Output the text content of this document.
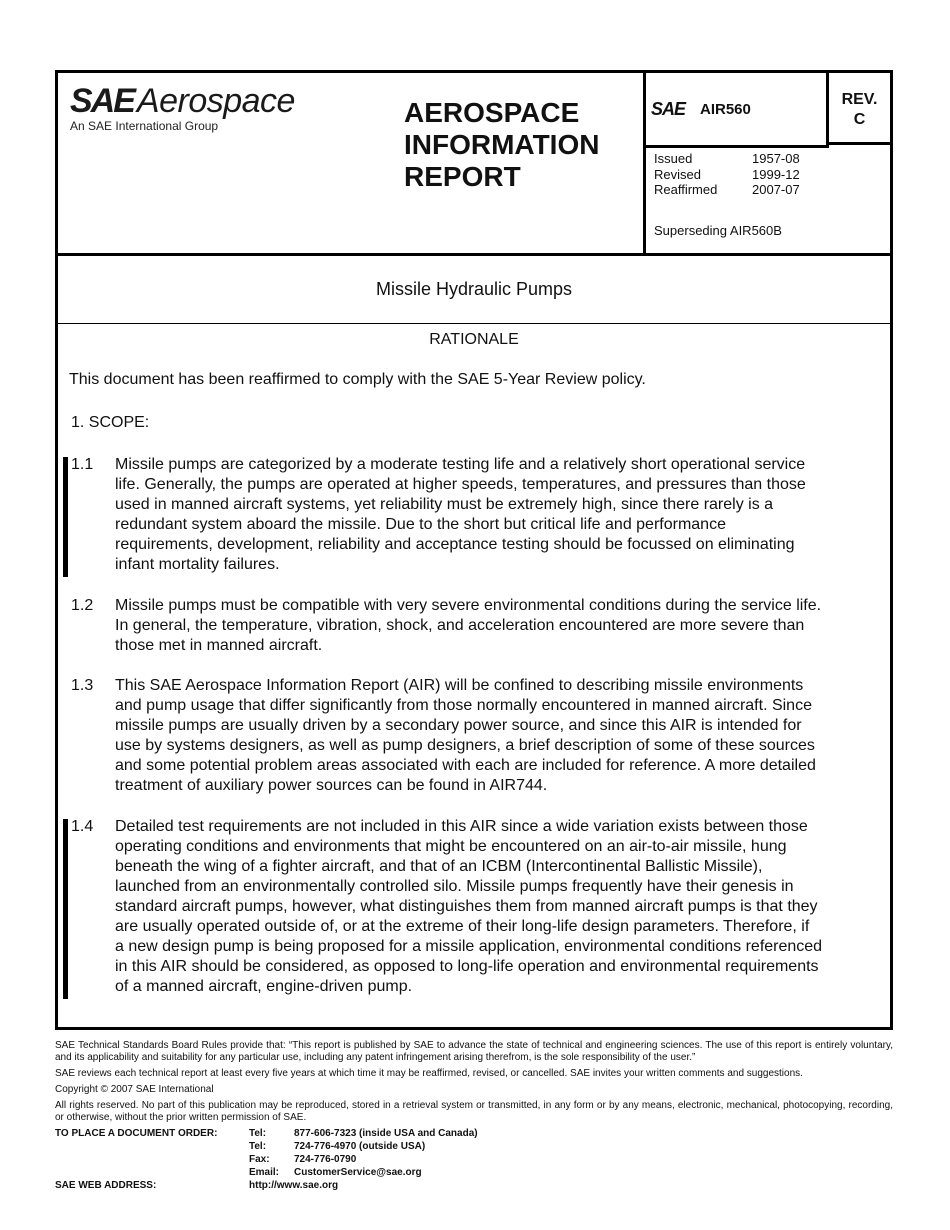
SAEAerospace
An SAE International Group	AEROSPACE
INFORMATION
REPORT
SAE AIR560
REV.
C
Issued	1957-08
Revised	1999-12
Reaffirmed	2007-07
Superseding AIR560B
Missile Hydraulic Pumps
RATIONALE
This document has been reaffirmed to comply with the SAE 5-Year Review policy.
1. SCOPE:
1.1 Missile pumps are categorized by a moderate testing life and a relatively short operational service
life. Generally, the pumps are operated at higher speeds, temperatures, and pressures than those
used in manned aircraft systems, yet reliability must be extremely high, since there rarely is a
redundant system aboard the missile. Due to the short but critical life and performance
requirements, development, reliability and acceptance testing should be focussed on eliminating
infant mortality failures.
1.2 Missile pumps must be compatible with very severe environmental conditions during the service life.
In general, the temperature, vibration, shock, and acceleration encountered are more severe than
those met in manned aircraft.
1.3 This SAE Aerospace Information Report (AIR) will be confined to describing missile environments
and pump usage that differ significantly from those normally encountered in manned aircraft. Since
missile pumps are usually driven by a secondary power source, and since this AIR is intended for
use by systems designers, as well as pump designers, a brief description of some of these sources
and some potential problem areas associated with each are included for reference. A more detailed
treatment of auxiliary power sources can be found in AIR744.
1.4 Detailed test requirements are not included in this AIR since a wide variation exists between those
operating conditions and environments that might be encountered on an air-to-air missile, hung
beneath the wing of a fighter aircraft, and that of an ICBM (Intercontinental Ballistic Missile),
launched from an environmentally controlled silo. Missile pumps frequently have their genesis in
standard aircraft pumps, however, what distinguishes them from manned aircraft pumps is that they
are usually operated outside of, or at the extreme of their long-life design parameters. Therefore, if
a new design pump is being proposed for a missile application, environmental conditions referenced
in this AIR should be considered, as opposed to long-life operation and environmental requirements
of a manned aircraft, engine-driven pump.

SAE Technical Standards Board Rules provide that: “This report is published by SAE to advance the state of technical and engineering sciences. The use of this report is entirely voluntary, and its applicability and suitability for any particular use, including any patent infringement arising therefrom, is the sole responsibility of the user.”

SAE reviews each technical report at least every five years at which time it may be reaffirmed, revised, or cancelled. SAE invites your written comments and suggestions.

Copyright © 2007 SAE International

All rights reserved. No part of this publication may be reproduced, stored in a retrieval system or transmitted, in any form or by any means, electronic, mechanical, photocopying, recording, or otherwise, without the prior written permission of SAE.

TO PLACE A DOCUMENT ORDER:	Tel:	877-606-7323 (inside USA and Canada)
Tel:	724-776-4970 (outside USA)
Fax: 724-776-0790
Email: CustomerService@sae.org
SAE WEB ADDRESS:	http://www.sae.org
